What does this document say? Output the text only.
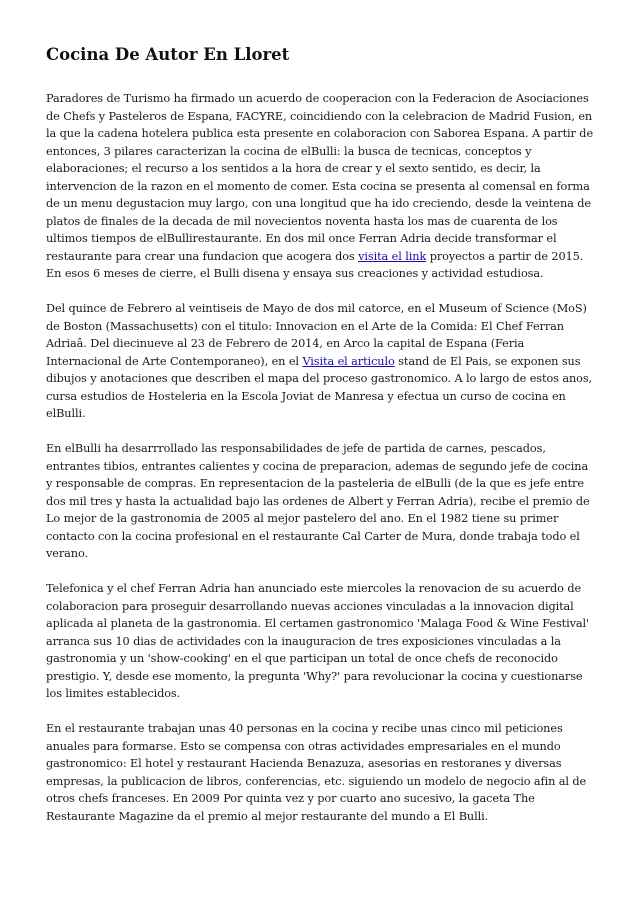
Cocina De Autor En Lloret

Paradores de Turismo ha firmado un acuerdo de cooperacion con la Federacion de Asociaciones de Chefs y Pasteleros de Espana, FACYRE, coincidiendo con la celebracion de Madrid Fusion, en la que la cadena hotelera publica esta presente en colaboracion con Saborea Espana. A partir de entonces, 3 pilares caracterizan la cocina de elBulli: la busca de tecnicas, conceptos y elaboraciones; el recurso a los sentidos a la hora de crear y el sexto sentido, es decir, la intervencion de la razon en el momento de comer. Esta cocina se presenta al comensal en forma de un menu degustacion muy largo, con una longitud que ha ido creciendo, desde la veintena de platos de finales de la decada de mil novecientos noventa hasta los mas de cuarenta de los ultimos tiempos de elBullirestaurante. En dos mil once Ferran Adria decide transformar el restaurante para crear una fundacion que acogera dos visita el link proyectos a partir de 2015. En esos 6 meses de cierre, el Bulli disena y ensaya sus creaciones y actividad estudiosa.

Del quince de Febrero al veintiseis de Mayo de dos mil catorce, en el Museum of Science (MoS) de Boston (Massachusetts) con el titulo: Innovacion en el Arte de la Comida: El Chef Ferran Adriaâ. Del diecinueve al 23 de Febrero de 2014, en Arco la capital de Espana (Feria Internacional de Arte Contemporaneo), en el Visita el articulo stand de El Pais, se exponen sus dibujos y anotaciones que describen el mapa del proceso gastronomico. A lo largo de estos anos, cursa estudios de Hosteleria en la Escola Joviat de Manresa y efectua un curso de cocina en elBulli.

En elBulli ha desarrrollado las responsabilidades de jefe de partida de carnes, pescados, entrantes tibios, entrantes calientes y cocina de preparacion, ademas de segundo jefe de cocina y responsable de compras. En representacion de la pasteleria de elBulli (de la que es jefe entre dos mil tres y hasta la actualidad bajo las ordenes de Albert y Ferran Adria), recibe el premio de Lo mejor de la gastronomia de 2005 al mejor pastelero del ano. En el 1982 tiene su primer contacto con la cocina profesional en el restaurante Cal Carter de Mura, donde trabaja todo el verano.

Telefonica y el chef Ferran Adria han anunciado este miercoles la renovacion de su acuerdo de colaboracion para proseguir desarrollando nuevas acciones vinculadas a la innovacion digital aplicada al planeta de la gastronomia. El certamen gastronomico 'Malaga Food & Wine Festival' arranca sus 10 dias de actividades con la inauguracion de tres exposiciones vinculadas a la gastronomia y un 'show-cooking' en el que participan un total de once chefs de reconocido prestigio. Y, desde ese momento, la pregunta 'Why?' para revolucionar la cocina y cuestionarse los limites establecidos.

En el restaurante trabajan unas 40 personas en la cocina y recibe unas cinco mil peticiones anuales para formarse. Esto se compensa con otras actividades empresariales en el mundo gastronomico: El hotel y restaurant Hacienda Benazuza, asesorias en restoranes y diversas empresas, la publicacion de libros, conferencias, etc. siguiendo un modelo de negocio afin al de otros chefs franceses. En 2009 Por quinta vez y por cuarto ano sucesivo, la gaceta The Restaurante Magazine da el premio al mejor restaurante del mundo a El Bulli.
